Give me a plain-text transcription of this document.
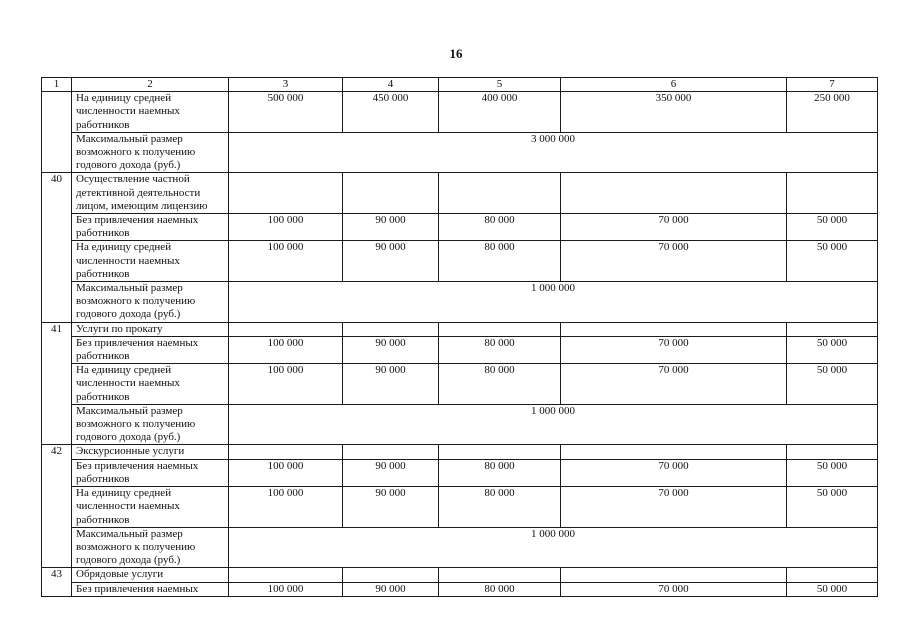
16
1	2	3	4	5	6	7
	На единицу средней численности наемных работников	500 000	450 000	400 000	350 000	250 000
	Максимальный размер возможного к получению годового дохода (руб.)	3 000 000				
40	Осуществление частной детективной деятельности лицом, имеющим лицензию					
	Без привлечения наемных работников	100 000	90 000	80 000	70 000	50 000
	На единицу средней численности наемных работников	100 000	90 000	80 000	70 000	50 000
	Максимальный размер возможного к получению годового дохода (руб.)	1 000 000				
41	Услуги по прокату					
	Без привлечения наемных работников	100 000	90 000	80 000	70 000	50 000
	На единицу средней численности наемных работников	100 000	90 000	80 000	70 000	50 000
	Максимальный размер возможного к получению годового дохода (руб.)	1 000 000				
42	Экскурсионные услуги					
	Без привлечения наемных работников	100 000	90 000	80 000	70 000	50 000
	На единицу средней численности наемных работников	100 000	90 000	80 000	70 000	50 000
	Максимальный размер возможного к получению годового дохода (руб.)	1 000 000				
43	Обрядовые услуги					
	Без привлечения наемных	100 000	90 000	80 000	70 000	50 000
